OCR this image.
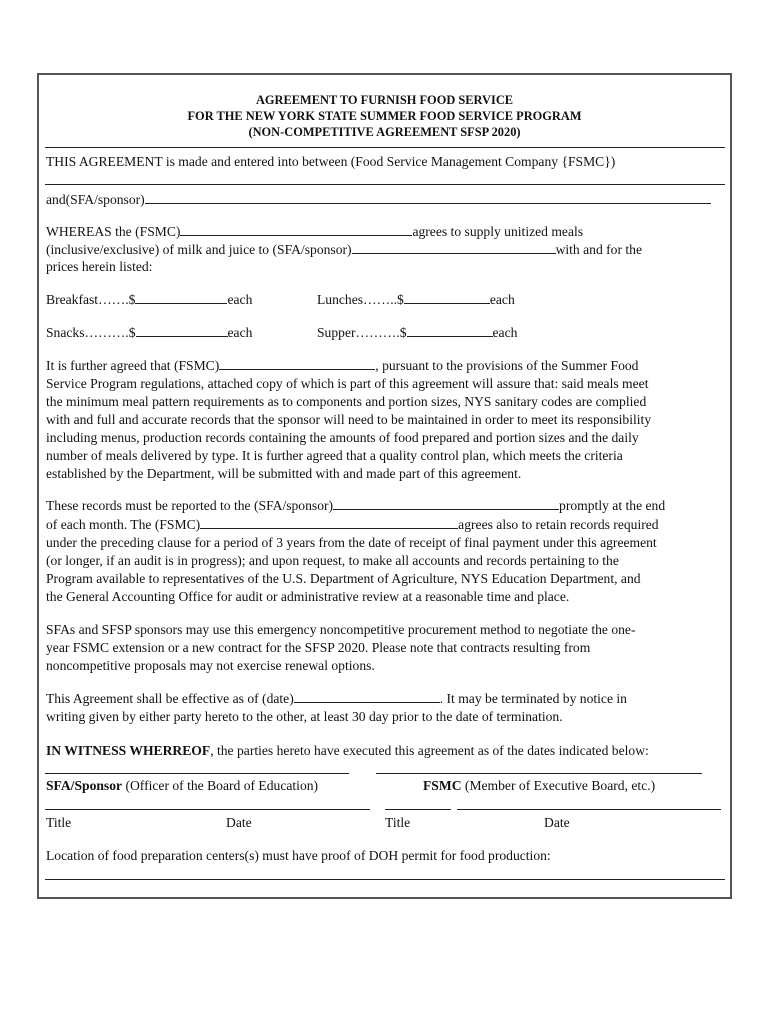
AGREEMENT TO FURNISH FOOD SERVICE
FOR THE NEW YORK STATE SUMMER FOOD SERVICE PROGRAM
(NON-COMPETITIVE AGREEMENT SFSP 2020)
THIS AGREEMENT is made and entered into between (Food Service Management Company {FSMC})
and(SFA/sponsor)
WHEREAS the (FSMC)	agrees to supply unitized meals
(inclusive/exclusive) of milk and juice to (SFA/sponsor)	with and for the
prices herein listed:
Breakfast…….$	each	Lunches……..$	each
Snacks……….$	each	Supper……….$	each
It is further agreed that (FSMC)	, pursuant to the provisions of the Summer Food
Service Program regulations, attached copy of which is part of this agreement will assure that: said meals meet
the minimum meal pattern requirements as to components and portion sizes, NYS sanitary codes are complied
with and full and accurate records that the sponsor will need to be maintained in order to meet its responsibility
including menus, production records containing the amounts of food prepared and portion sizes and the daily
number of meals delivered by type. It is further agreed that a quality control plan, which meets the criteria
established by the Department, will be submitted with and made part of this agreement.
These records must be reported to the (SFA/sponsor)	promptly at the end
of each month. The (FSMC)	agrees also to retain records required
under the preceding clause for a period of 3 years from the date of receipt of final payment under this agreement
(or longer, if an audit is in progress); and upon request, to make all accounts and records pertaining to the
Program available to representatives of the U.S. Department of Agriculture, NYS Education Department, and
the General Accounting Office for audit or administrative review at a reasonable time and place.
SFAs and SFSP sponsors may use this emergency noncompetitive procurement method to negotiate the one-
year FSMC extension or a new contract for the SFSP 2020. Please note that contracts resulting from
noncompetitive proposals may not exercise renewal options.
This Agreement shall be effective as of (date)	. It may be terminated by notice in
writing given by either party hereto to the other, at least 30 day prior to the date of termination.
IN WITNESS WHERREOF, the parties hereto have executed this agreement as of the dates indicated below:
SFA/Sponsor (Officer of the Board of Education)	FSMC (Member of Executive Board, etc.)
Title	Date	Title	Date
Location of food preparation centers(s) must have proof of DOH permit for food production:
